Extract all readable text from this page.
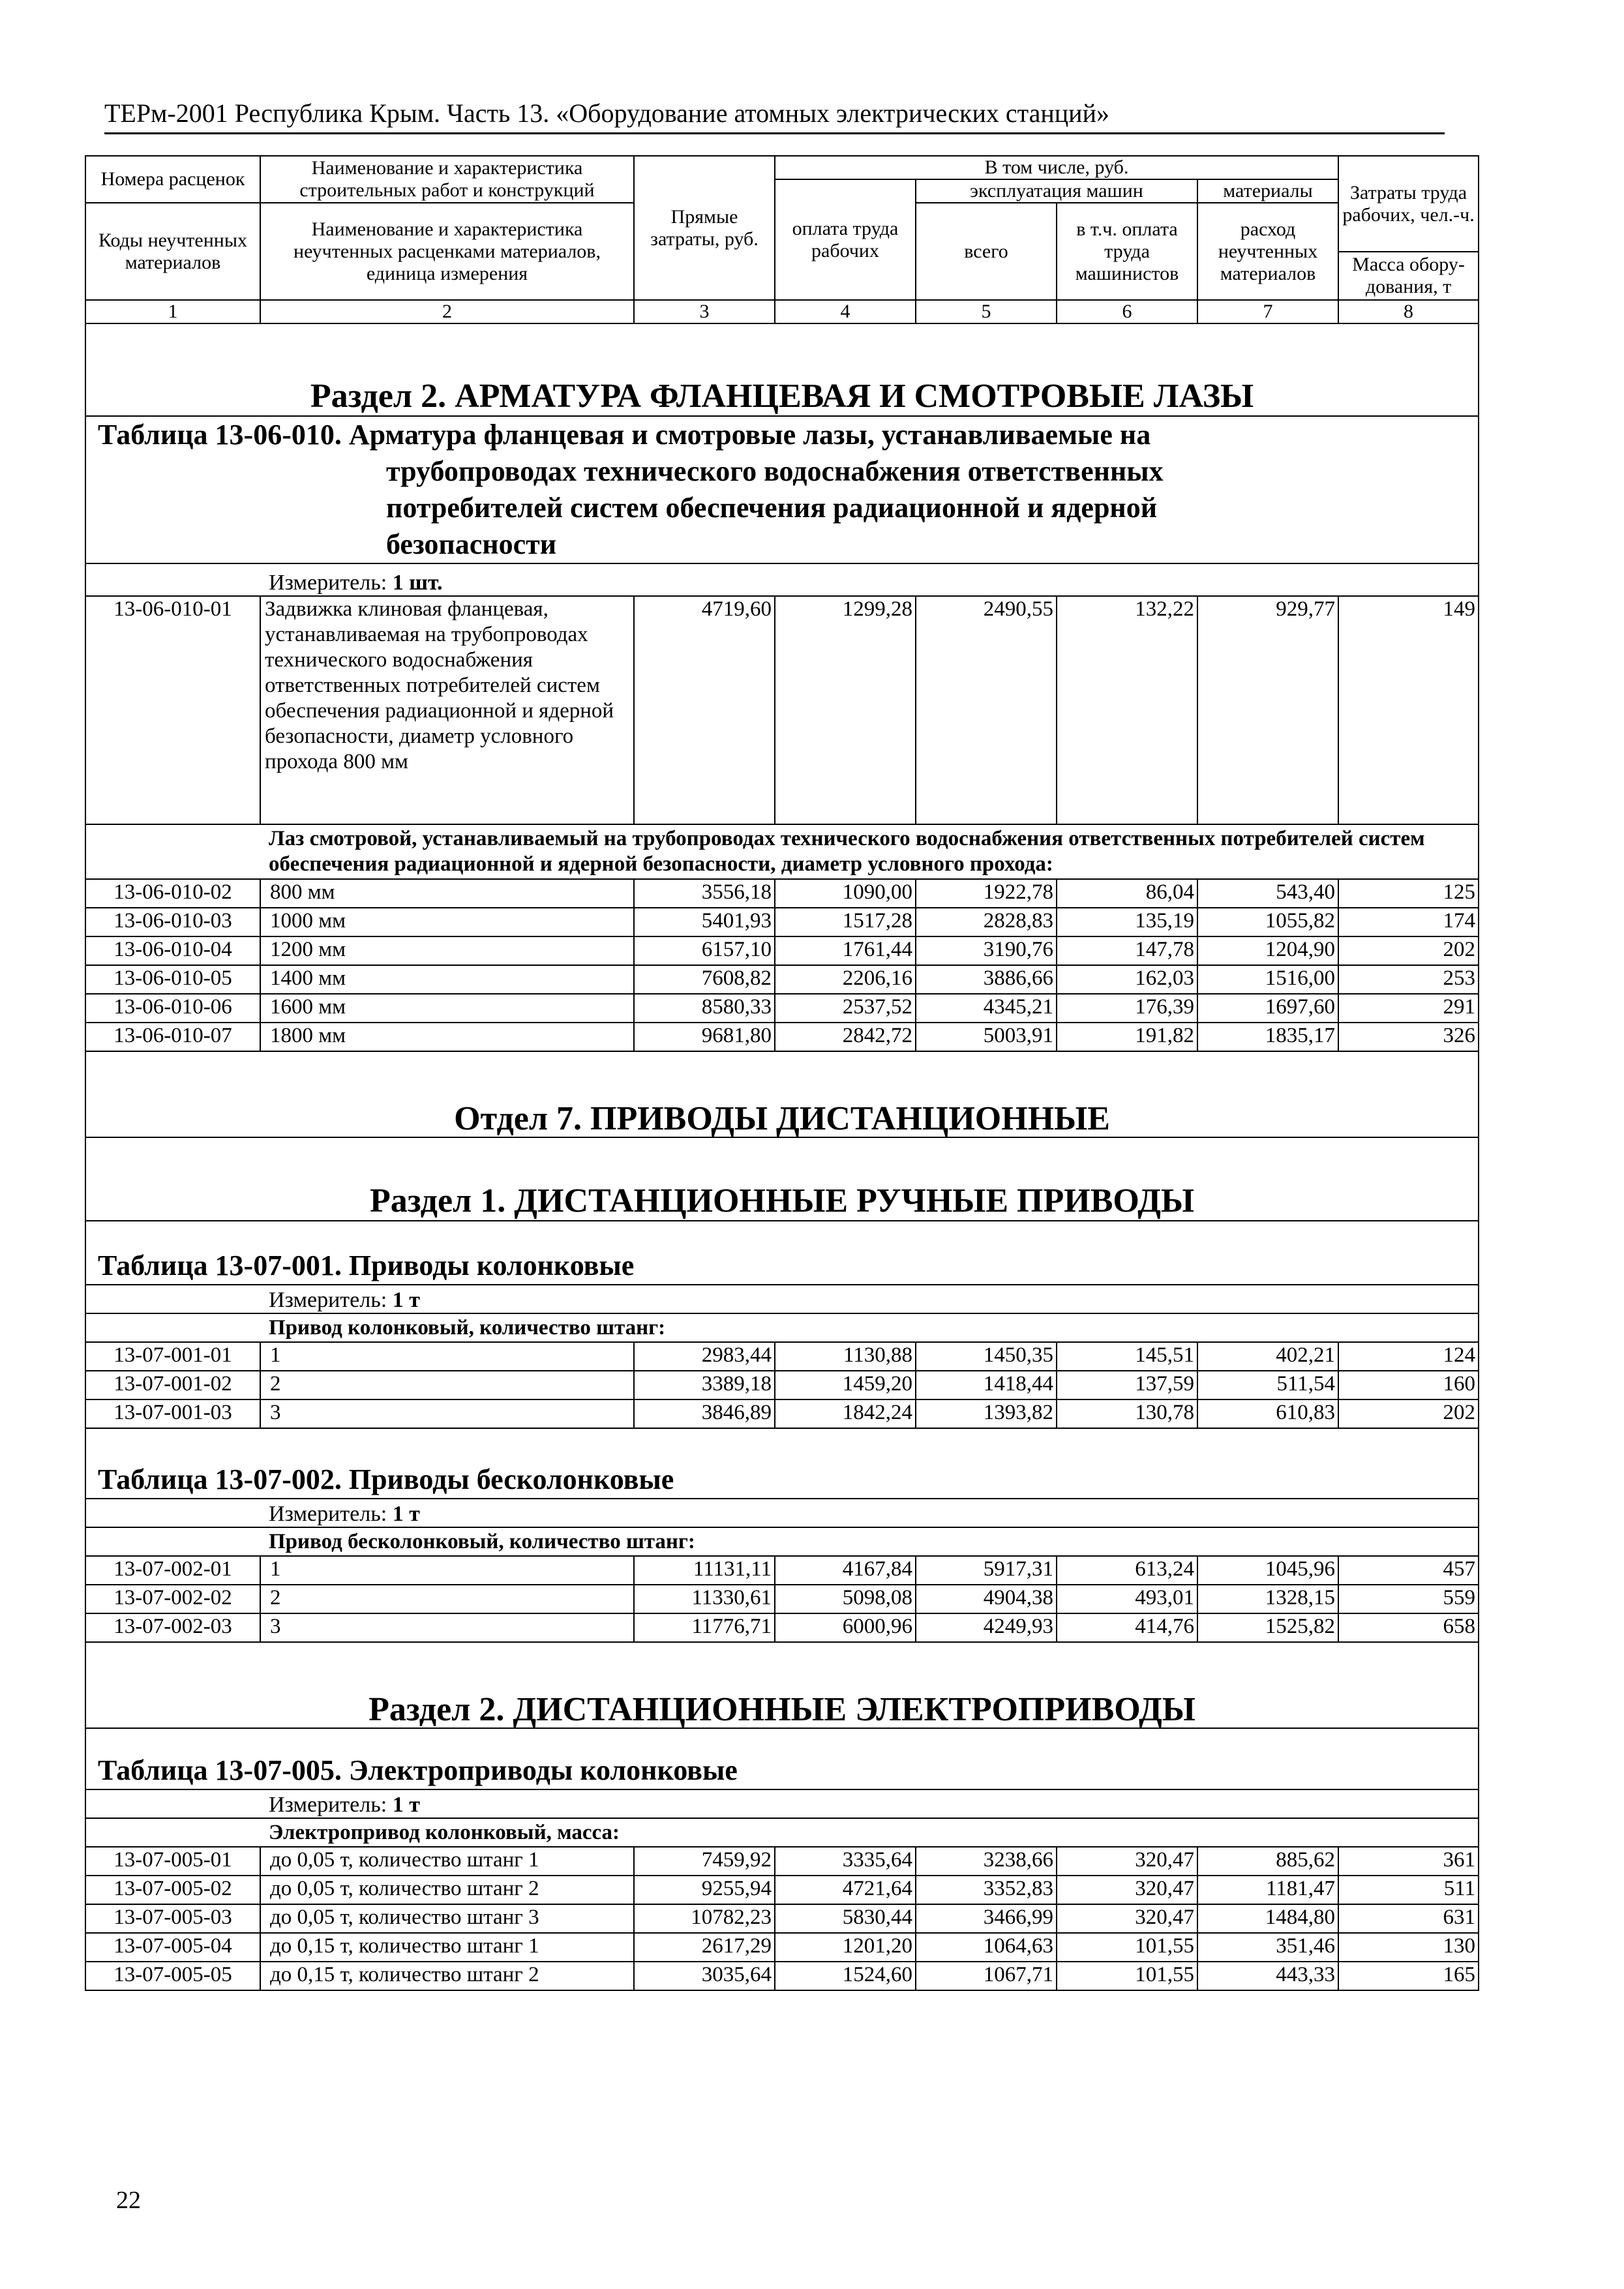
ТЕРм-2001 Республика Крым. Часть 13. «Оборудование атомных электрических станций»
Номера расценок	Наименование и характеристика строительных работ и конструкций	Прямые затраты, руб.	В том числе, руб.				Затраты труда рабочих, чел.-ч.
			оплата труда рабочих	эксплуатация машин		материалы	
Коды неучтенных материалов	Наименование и характеристика неучтенных расценками материалов, единица измерения			всего	в т.ч. оплата труда машинистов	расход неучтенных материалов	
							Масса обору-дования, т
1	2	3	4	5	6	7	8
Раздел 2. АРМАТУРА ФЛАНЦЕВАЯ И СМОТРОВЫЕ ЛАЗЫ							

Таблица 13-06-010. Арматура фланцевая и смотровые лазы, устанавливаемые на
трубопроводах технического водоснабжения ответственных
потребителей систем обеспечения радиационной и ядерной
безопасности							

Измеритель: 1 шт.							
13-06-010-01	Задвижка клиновая фланцевая, устанавливаемая на трубопроводах технического водоснабжения ответственных потребителей систем обеспечения радиационной и ядерной безопасности, диаметр условного прохода 800 мм	4719,60	1299,28	2490,55	132,22	929,77	149
Лаз смотровой, устанавливаемый на трубопроводах технического водоснабжения ответственных потребителей систем обеспечения радиационной и ядерной безопасности, диаметр условного прохода:							
13-06-010-02	800 мм	3556,18	1090,00	1922,78	86,04	543,40	125
13-06-010-03	1000 мм	5401,93	1517,28	2828,83	135,19	1055,82	174
13-06-010-04	1200 мм	6157,10	1761,44	3190,76	147,78	1204,90	202
13-06-010-05	1400 мм	7608,82	2206,16	3886,66	162,03	1516,00	253
13-06-010-06	1600 мм	8580,33	2537,52	4345,21	176,39	1697,60	291
13-06-010-07	1800 мм	9681,80	2842,72	5003,91	191,82	1835,17	326
Отдел 7. ПРИВОДЫ ДИСТАНЦИОННЫЕ							
Раздел 1. ДИСТАНЦИОННЫЕ РУЧНЫЕ ПРИВОДЫ							
Таблица 13-07-001. Приводы колонковые							
Измеритель: 1 т							
Привод колонковый, количество штанг:							
13-07-001-01	1	2983,44	1130,88	1450,35	145,51	402,21	124
13-07-001-02	2	3389,18	1459,20	1418,44	137,59	511,54	160
13-07-001-03	3	3846,89	1842,24	1393,82	130,78	610,83	202
Таблица 13-07-002. Приводы бесколонковые							
Измеритель: 1 т							
Привод бесколонковый, количество штанг:							
13-07-002-01	1	11131,11	4167,84	5917,31	613,24	1045,96	457
13-07-002-02	2	11330,61	5098,08	4904,38	493,01	1328,15	559
13-07-002-03	3	11776,71	6000,96	4249,93	414,76	1525,82	658
Раздел 2. ДИСТАНЦИОННЫЕ ЭЛЕКТРОПРИВОДЫ							
Таблица 13-07-005. Электроприводы колонковые							
Измеритель: 1 т							
Электропривод колонковый, масса:							
13-07-005-01	до 0,05 т, количество штанг 1	7459,92	3335,64	3238,66	320,47	885,62	361
13-07-005-02	до 0,05 т, количество штанг 2	9255,94	4721,64	3352,83	320,47	1181,47	511
13-07-005-03	до 0,05 т, количество штанг 3	10782,23	5830,44	3466,99	320,47	1484,80	631
13-07-005-04	до 0,15 т, количество штанг 1	2617,29	1201,20	1064,63	101,55	351,46	130
13-07-005-05	до 0,15 т, количество штанг 2	3035,64	1524,60	1067,71	101,55	443,33	165
22
